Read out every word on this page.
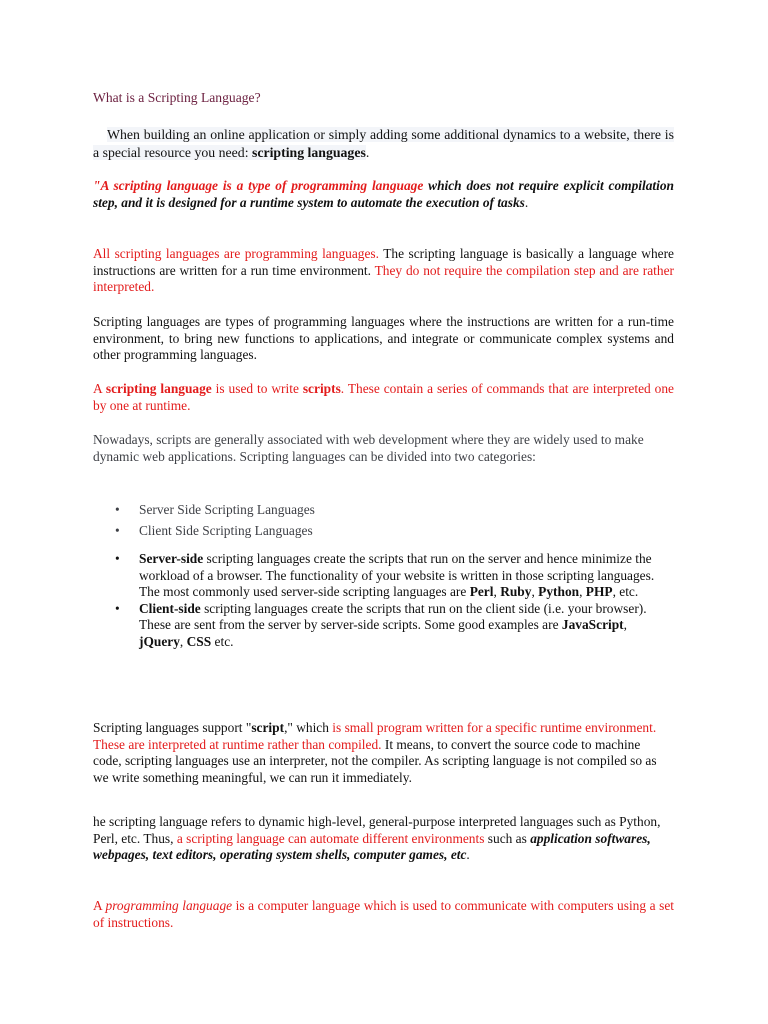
What is a Scripting Language?

When building an online application or simply adding some additional dynamics to a website, there is a special resource you need: scripting languages.

"A scripting language is a type of programming language which does not require explicit compilation step, and it is designed for a runtime system to automate the execution of tasks.

All scripting languages are programming languages. The scripting language is basically a language where instructions are written for a run time environment. They do not require the compilation step and are rather interpreted.

Scripting languages are types of programming languages where the instructions are written for a run-time environment, to bring new functions to applications, and integrate or communicate complex systems and other programming languages.

A scripting language is used to write scripts. These contain a series of commands that are interpreted one by one at runtime.

Nowadays, scripts are generally associated with web development where they are widely used to make dynamic web applications. Scripting languages can be divided into two categories:

• Server Side Scripting Languages
• Client Side Scripting Languages
• Server-side scripting languages create the scripts that run on the server and hence minimize the workload of a browser. The functionality of your website is written in those scripting languages. The most commonly used server-side scripting languages are Perl, Ruby, Python, PHP, etc.
• Client-side scripting languages create the scripts that run on the client side (i.e. your browser). These are sent from the server by server-side scripts. Some good examples are JavaScript, jQuery, CSS etc.

Scripting languages support "script," which is small program written for a specific runtime environment. These are interpreted at runtime rather than compiled. It means, to convert the source code to machine code, scripting languages use an interpreter, not the compiler. As scripting language is not compiled so as we write something meaningful, we can run it immediately.

he scripting language refers to dynamic high-level, general-purpose interpreted languages such as Python, Perl, etc. Thus, a scripting language can automate different environments such as application softwares, webpages, text editors, operating system shells, computer games, etc.

A programming language is a computer language which is used to communicate with computers using a set of instructions.
